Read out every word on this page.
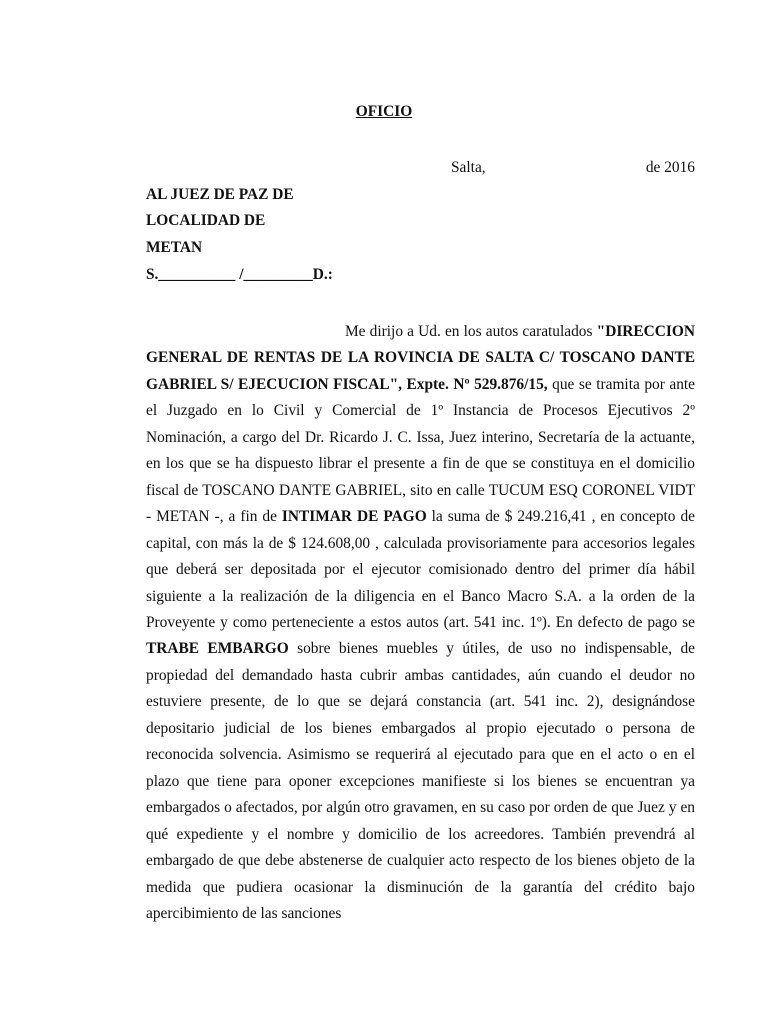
OFICIO
Salta,	de 2016
AL JUEZ DE PAZ DE
LOCALIDAD DE
METAN
S.__________ /_________D.:
Me dirijo a Ud. en los autos caratulados "DIRECCION GENERAL DE RENTAS DE LA ROVINCIA DE SALTA C/ TOSCANO DANTE GABRIEL S/ EJECUCION FISCAL", Expte. Nº 529.876/15, que se tramita por ante el Juzgado en lo Civil y Comercial de 1º Instancia de Procesos Ejecutivos 2º Nominación, a cargo del Dr. Ricardo J. C. Issa, Juez interino, Secretaría de la actuante, en los que se ha dispuesto librar el presente a fin de que se constituya en el domicilio fiscal de TOSCANO DANTE GABRIEL, sito en calle TUCUM ESQ CORONEL VIDT - METAN -, a fin de INTIMAR DE PAGO la suma de $ 249.216,41 , en concepto de capital, con más la de $ 124.608,00 , calculada provisoriamente para accesorios legales que deberá ser depositada por el ejecutor comisionado dentro del primer día hábil siguiente a la realización de la diligencia en el Banco Macro S.A. a la orden de la Proveyente y como perteneciente a estos autos (art. 541 inc. 1º). En defecto de pago se TRABE EMBARGO sobre bienes muebles y útiles, de uso no indispensable, de propiedad del demandado hasta cubrir ambas cantidades, aún cuando el deudor no estuviere presente, de lo que se dejará constancia (art. 541 inc. 2), designándose depositario judicial de los bienes embargados al propio ejecutado o persona de reconocida solvencia. Asimismo se requerirá al ejecutado para que en el acto o en el plazo que tiene para oponer excepciones manifieste si los bienes se encuentran ya embargados o afectados, por algún otro gravamen, en su caso por orden de que Juez y en qué expediente y el nombre y domicilio de los acreedores. También prevendrá al embargado de que debe abstenerse de cualquier acto respecto de los bienes objeto de la medida que pudiera ocasionar la disminución de la garantía del crédito bajo apercibimiento de las sanciones
